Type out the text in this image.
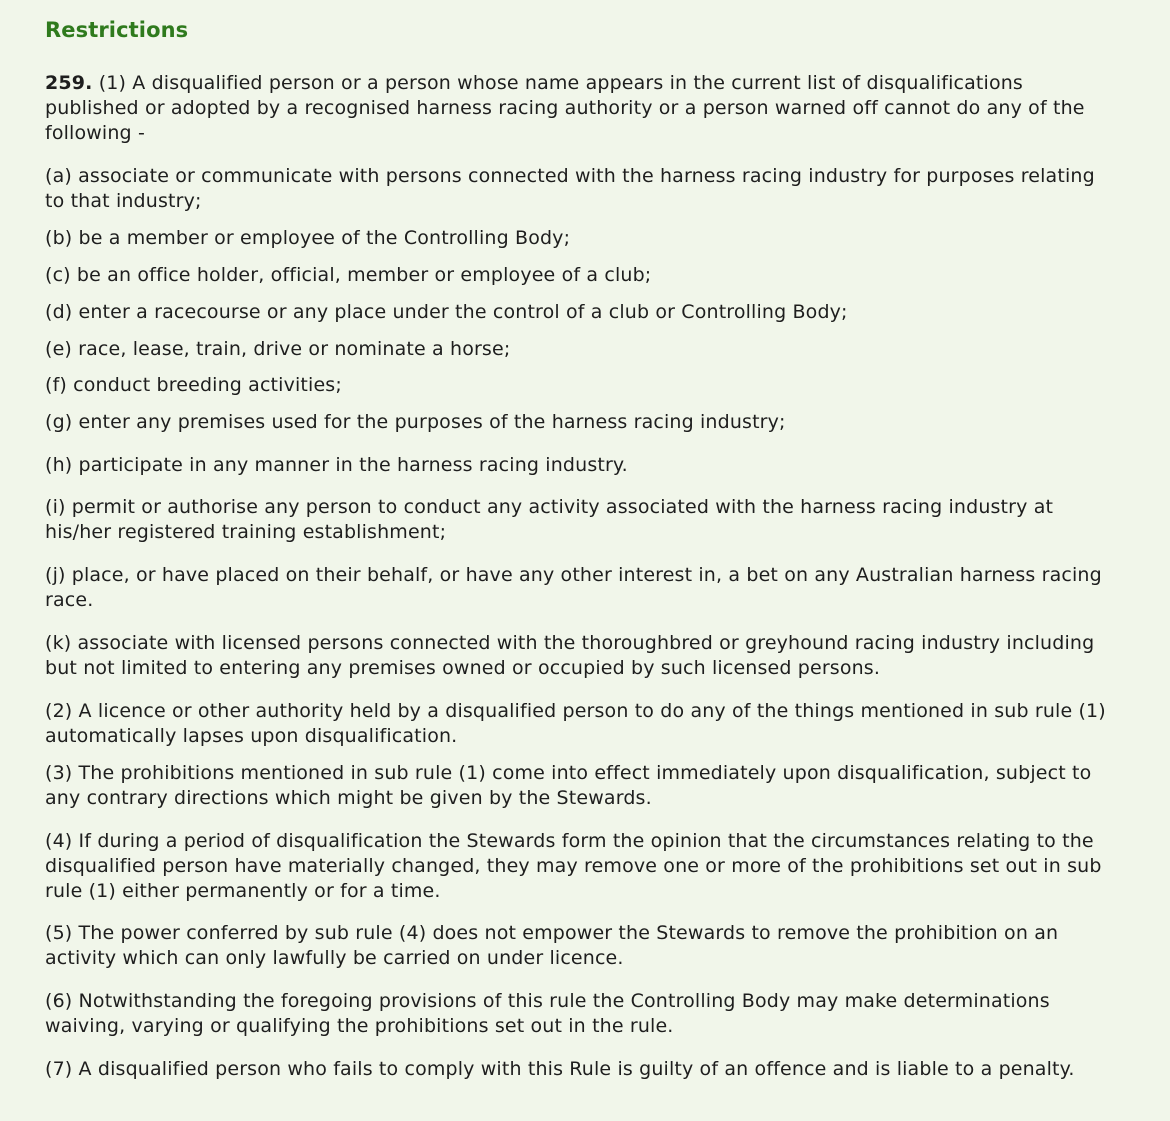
Restrictions
259. (1) A disqualified person or a person whose name appears in the current list of disqualifications published or adopted by a recognised harness racing authority or a person warned off cannot do any of the following -
(a) associate or communicate with persons connected with the harness racing industry for purposes relating to that industry;
(b) be a member or employee of the Controlling Body;
(c) be an office holder, official, member or employee of a club;
(d) enter a racecourse or any place under the control of a club or Controlling Body;
(e) race, lease, train, drive or nominate a horse;
(f) conduct breeding activities;
(g) enter any premises used for the purposes of the harness racing industry;
(h) participate in any manner in the harness racing industry.
(i) permit or authorise any person to conduct any activity associated with the harness racing industry at his/her registered training establishment;
(j) place, or have placed on their behalf, or have any other interest in, a bet on any Australian harness racing race.
(k) associate with licensed persons connected with the thoroughbred or greyhound racing industry including but not limited to entering any premises owned or occupied by such licensed persons.
(2) A licence or other authority held by a disqualified person to do any of the things mentioned in sub rule (1) automatically lapses upon disqualification.
(3) The prohibitions mentioned in sub rule (1) come into effect immediately upon disqualification, subject to any contrary directions which might be given by the Stewards.
(4) If during a period of disqualification the Stewards form the opinion that the circumstances relating to the disqualified person have materially changed, they may remove one or more of the prohibitions set out in sub rule (1) either permanently or for a time.
(5) The power conferred by sub rule (4) does not empower the Stewards to remove the prohibition on an activity which can only lawfully be carried on under licence.
(6) Notwithstanding the foregoing provisions of this rule the Controlling Body may make determinations waiving, varying or qualifying the prohibitions set out in the rule.
(7) A disqualified person who fails to comply with this Rule is guilty of an offence and is liable to a penalty.
